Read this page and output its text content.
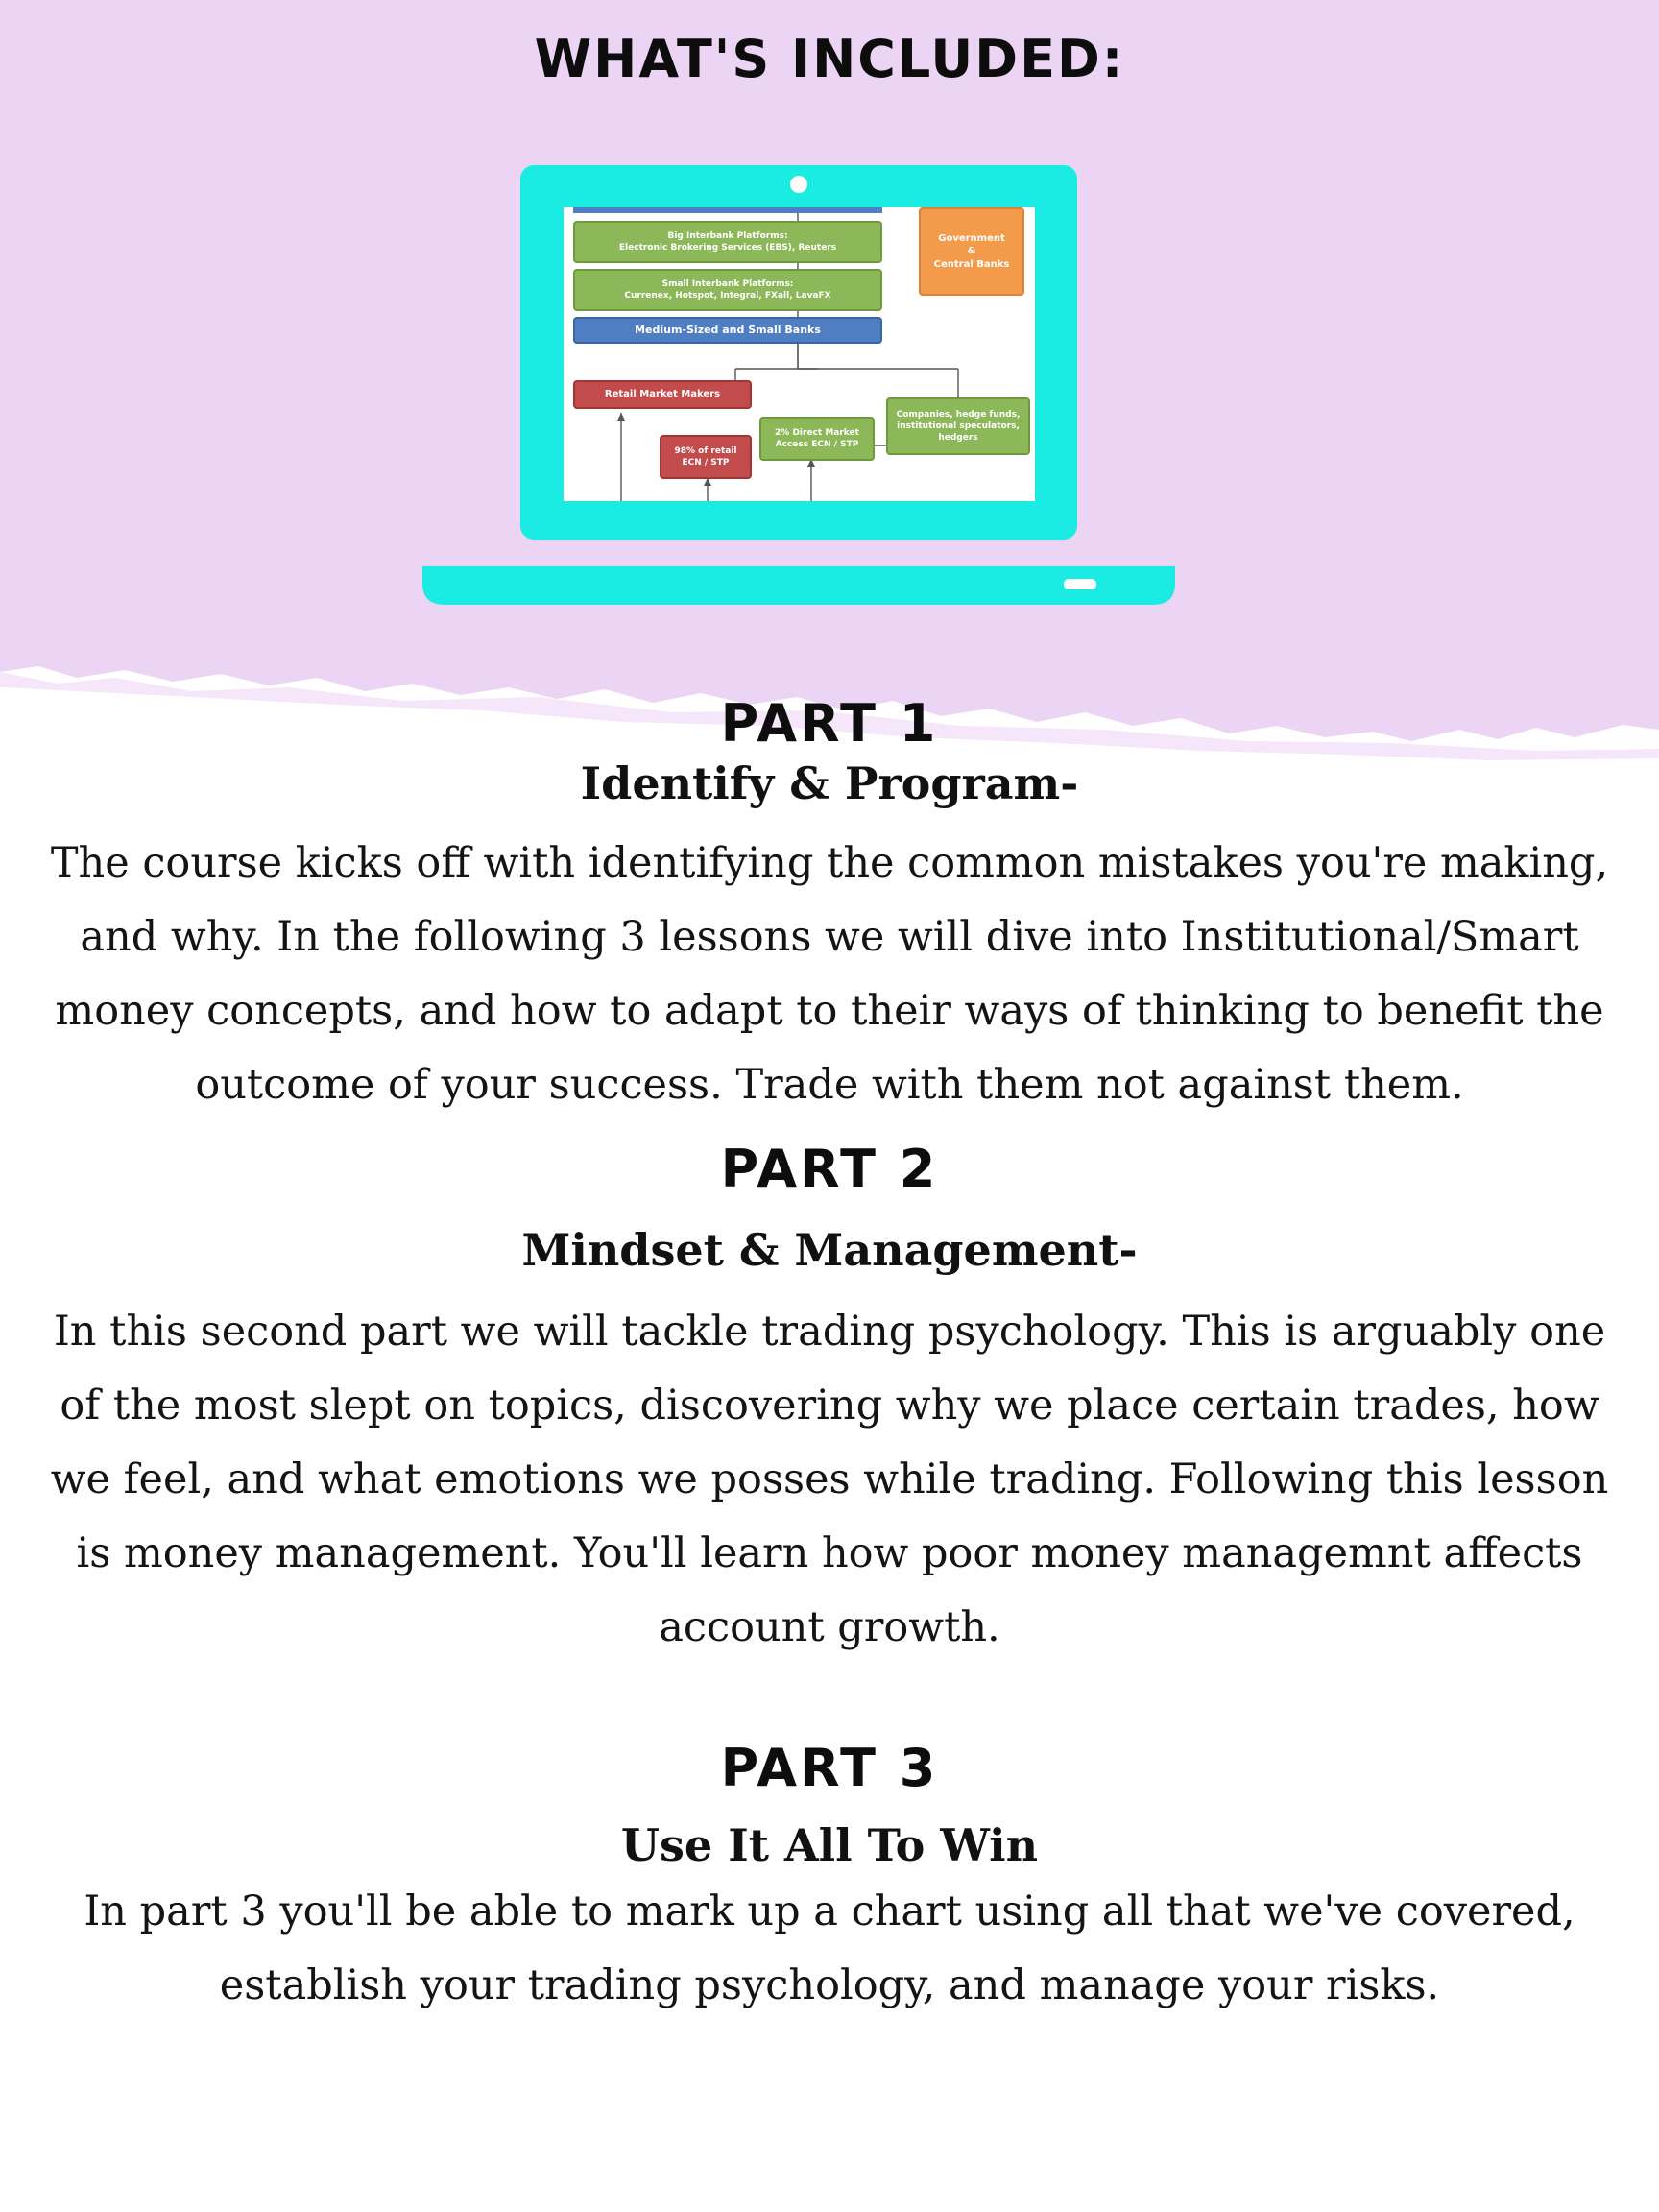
WHAT'S INCLUDED:
Big Interbank Platforms:
Electronic Brokering Services (EBS), Reuters
Small Interbank Platforms:
Currenex, Hotspot, Integral, FXall, LavaFX
Medium-Sized and Small Banks
Government
&
Central Banks
Retail Market Makers
98% of retail
ECN / STP
2% Direct Market
Access ECN / STP
Companies, hedge funds,
institutional speculators,
hedgers
PART 1
Identify & Program-

The course kicks off with identifying the common mistakes you're making,

and why. In the following 3 lessons we will dive into Institutional/Smart

money concepts, and how to adapt to their ways of thinking to benefit the

outcome of your success. Trade with them not against them.

PART 2
Mindset & Management-

In this second part we will tackle trading psychology. This is arguably one

of the most slept on topics, discovering why we place certain trades, how

we feel, and what emotions we posses while trading. Following this lesson

is money management. You'll learn how poor money managemnt affects

account growth.

PART 3
Use It All To Win

In part 3 you'll be able to mark up a chart using all that we've covered,

establish your trading psychology, and manage your risks.
